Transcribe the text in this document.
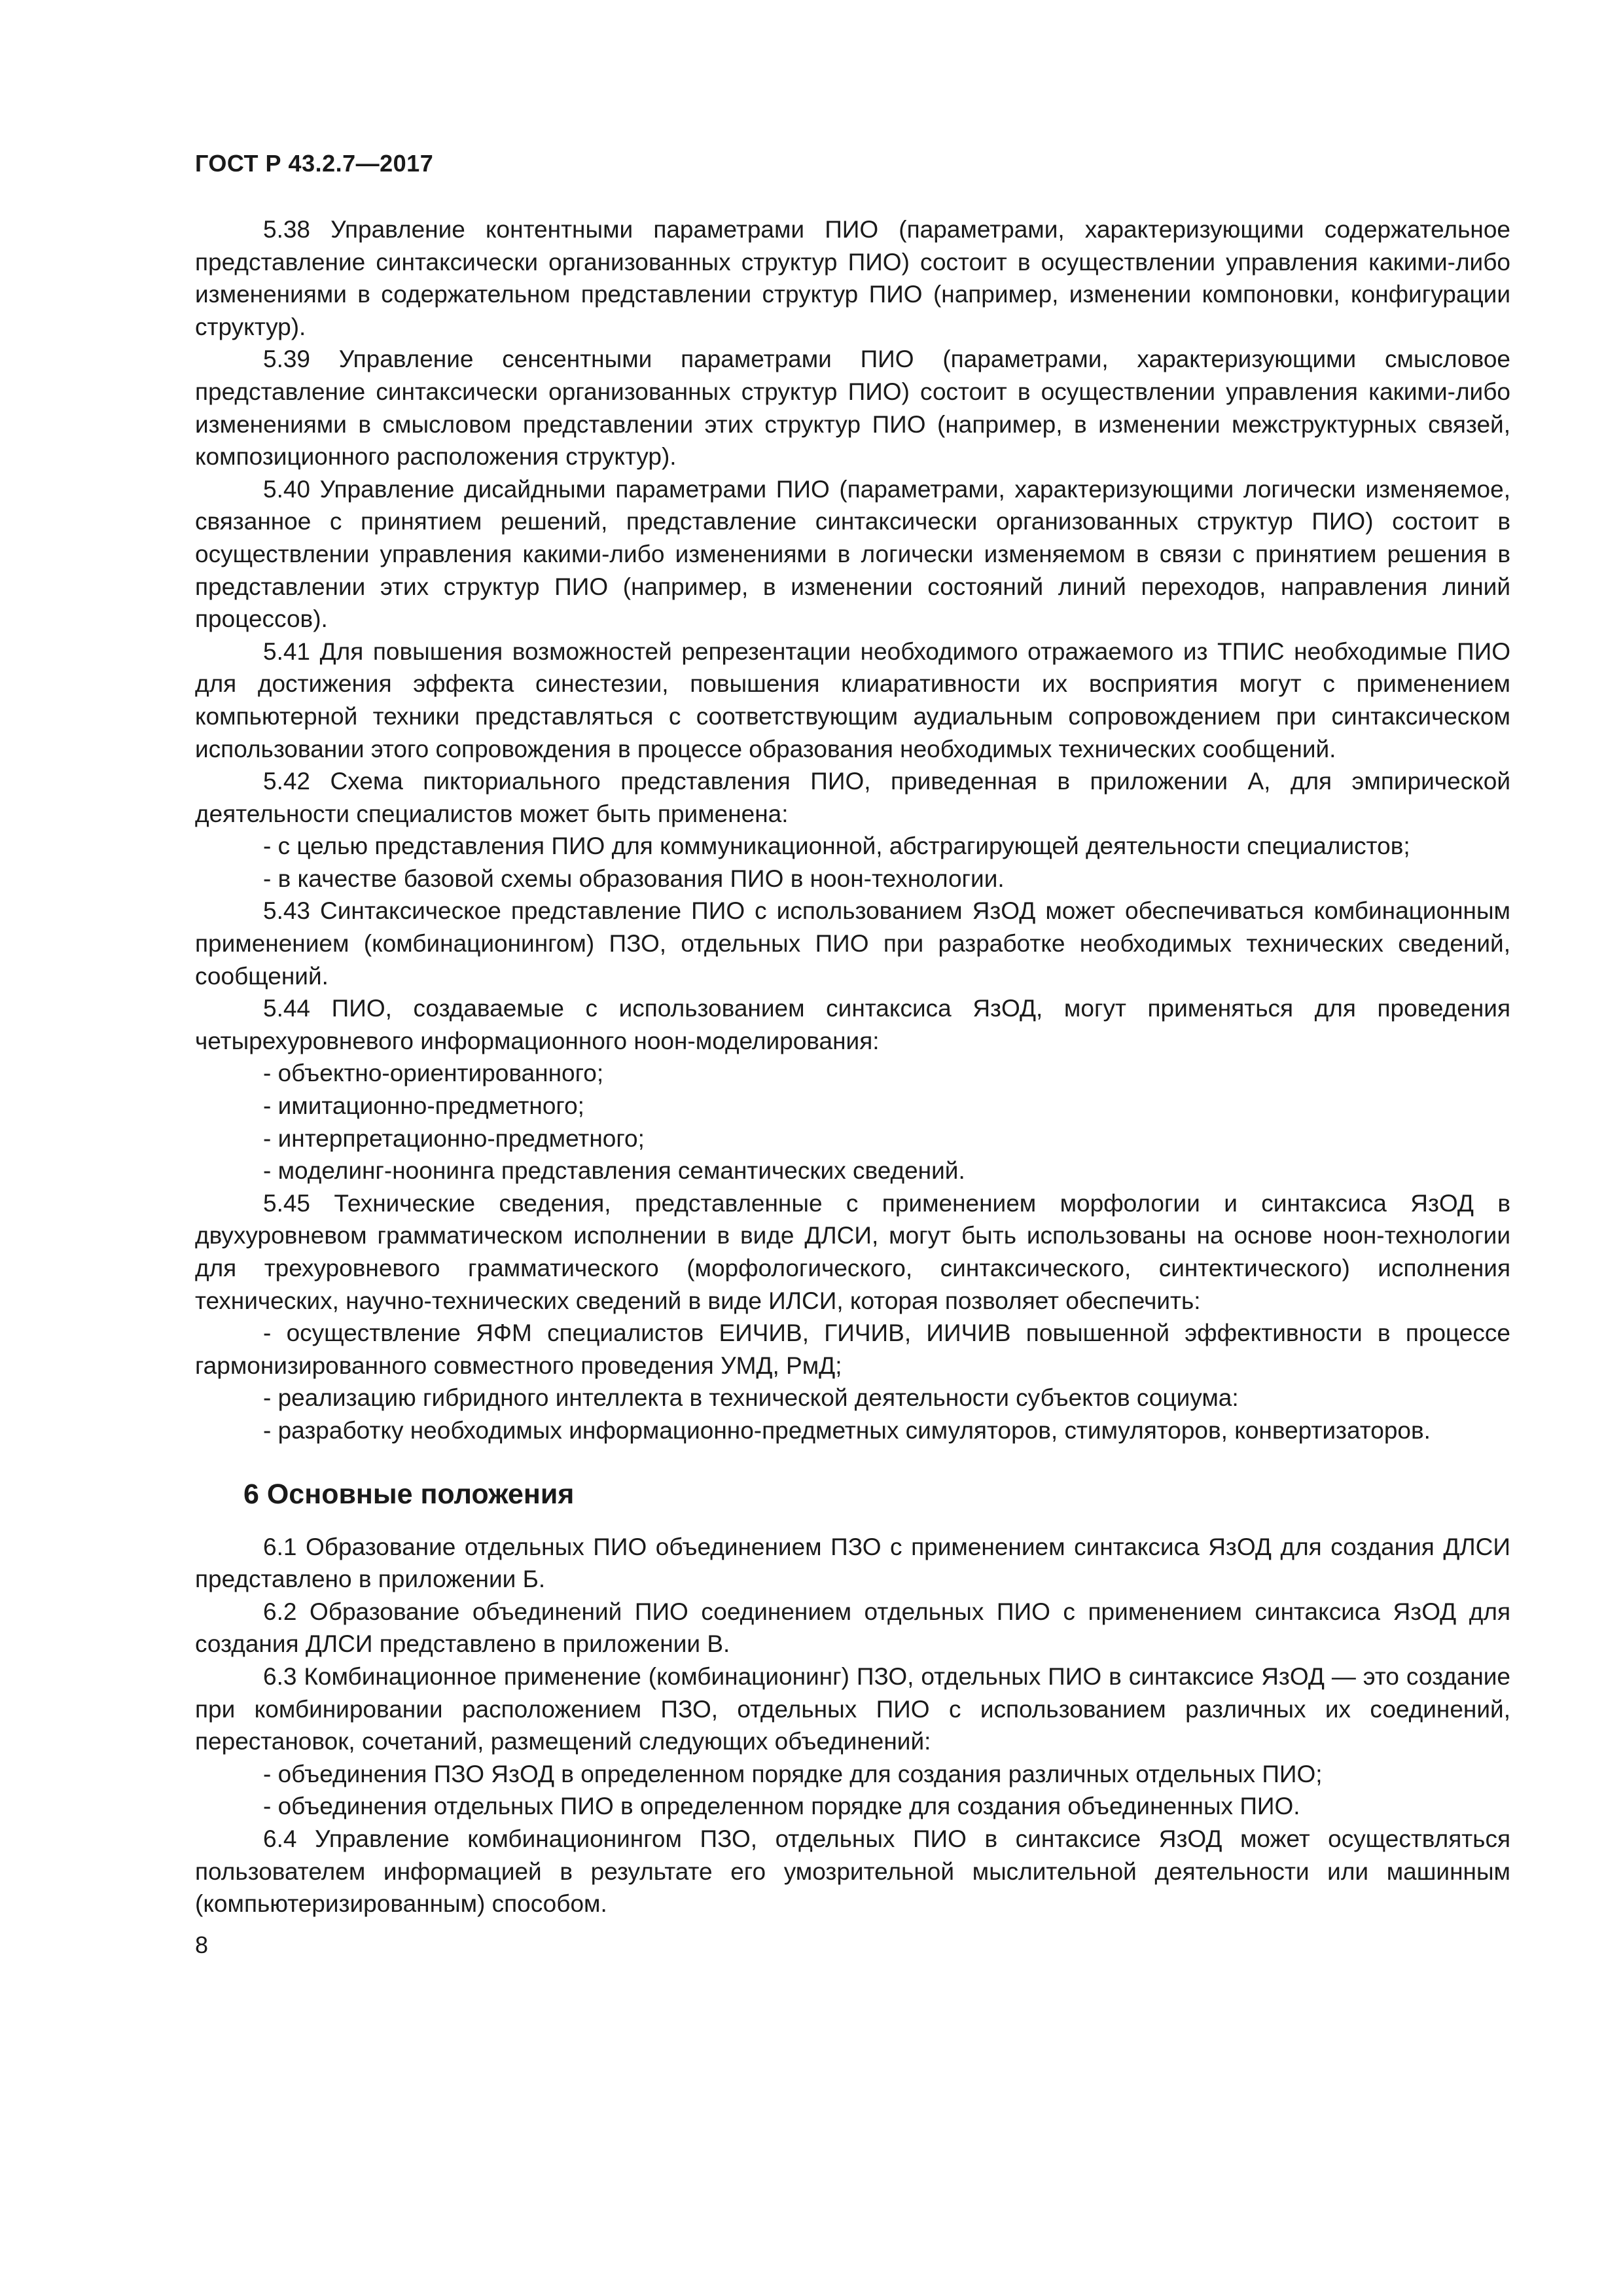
ГОСТ Р 43.2.7—2017

5.38 Управление контентными параметрами ПИО (параметрами, характеризующими содержательное представление синтаксически организованных структур ПИО) состоит в осуществлении управления какими-либо изменениями в содержательном представлении структур ПИО (например, изменении компоновки, конфигурации структур).

5.39 Управление сенсентными параметрами ПИО (параметрами, характеризующими смысловое представление синтаксически организованных структур ПИО) состоит в осуществлении управления какими-либо изменениями в смысловом представлении этих структур ПИО (например, в изменении межструктурных связей, композиционного расположения структур).

5.40 Управление дисайдными параметрами ПИО (параметрами, характеризующими логически изменяемое, связанное с принятием решений, представление синтаксически организованных структур ПИО) состоит в осуществлении управления какими-либо изменениями в логически изменяемом в связи с принятием решения в представлении этих структур ПИО (например, в изменении состояний линий переходов, направления линий процессов).

5.41 Для повышения возможностей репрезентации необходимого отражаемого из ТПИС необходимые ПИО для достижения эффекта синестезии, повышения клиаративности их восприятия могут с применением компьютерной техники представляться с соответствующим аудиальным сопровождением при синтаксическом использовании этого сопровождения в процессе образования необходимых технических сообщений.

5.42 Схема пикториального представления ПИО, приведенная в приложении А, для эмпирической деятельности специалистов может быть применена:

- с целью представления ПИО для коммуникационной, абстрагирующей деятельности специалистов;

- в качестве базовой схемы образования ПИО в ноон-технологии.

5.43 Синтаксическое представление ПИО с использованием ЯзОД может обеспечиваться комбинационным применением (комбинационингом) ПЗО, отдельных ПИО при разработке необходимых технических сведений, сообщений.

5.44 ПИО, создаваемые с использованием синтаксиса ЯзОД, могут применяться для проведения четырехуровневого информационного ноон-моделирования:

- объектно-ориентированного;

- имитационно-предметного;

- интерпретационно-предметного;

- моделинг-ноонинга представления семантических сведений.

5.45 Технические сведения, представленные с применением морфологии и синтаксиса ЯзОД в двухуровневом грамматическом исполнении в виде ДЛСИ, могут быть использованы на основе ноон-технологии для трехуровневого грамматического (морфологического, синтаксического, синтектического) исполнения технических, научно-технических сведений в виде ИЛСИ, которая позволяет обеспечить:

- осуществление ЯФМ специалистов ЕИЧИВ, ГИЧИВ, ИИЧИВ повышенной эффективности в процессе гармонизированного совместного проведения УМД, РмД;

- реализацию гибридного интеллекта в технической деятельности субъектов социума:

- разработку необходимых информационно-предметных симуляторов, стимуляторов, конвертизаторов.

6 Основные положения

6.1 Образование отдельных ПИО объединением ПЗО с применением синтаксиса ЯзОД для создания ДЛСИ представлено в приложении Б.

6.2 Образование объединений ПИО соединением отдельных ПИО с применением синтаксиса ЯзОД для создания ДЛСИ представлено в приложении В.

6.3 Комбинационное применение (комбинационинг) ПЗО, отдельных ПИО в синтаксисе ЯзОД — это создание при комбинировании расположением ПЗО, отдельных ПИО с использованием различных их соединений, перестановок, сочетаний, размещений следующих объединений:

- объединения ПЗО ЯзОД в определенном порядке для создания различных отдельных ПИО;

- объединения отдельных ПИО в определенном порядке для создания объединенных ПИО.

6.4 Управление комбинационингом ПЗО, отдельных ПИО в синтаксисе ЯзОД может осуществляться пользователем информацией в результате его умозрительной мыслительной деятельности или машинным (компьютеризированным) способом.

8
